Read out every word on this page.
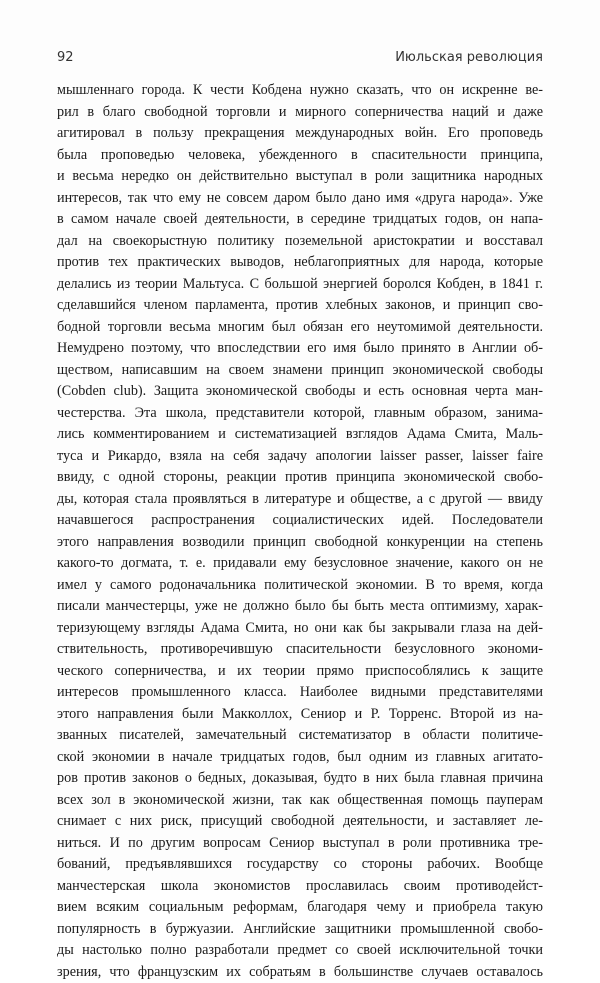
92	Июльская революция
мышленнаго города. К чести Кобдена нужно сказать, что он искренне ве-
рил в благо свободной торговли и мирного соперничества наций и даже
агитировал в пользу прекращения международных войн. Его проповедь
была проповедью человека, убежденного в спасительности принципа,
и весьма нередко он действительно выступал в роли защитника народных
интересов, так что ему не совсем даром было дано имя «друга народа». Уже
в самом начале своей деятельности, в середине тридцатых годов, он напа-
дал на своекорыстную политику поземельной аристократии и восставал
против тех практических выводов, неблагоприятных для народа, которые
делались из теории Мальтуса. С большой энергией боролся Кобден, в 1841 г.
сделавшийся членом парламента, против хлебных законов, и принцип сво-
бодной торговли весьма многим был обязан его неутомимой деятельности.
Немудрено поэтому, что впоследствии его имя было принято в Англии об-
ществом, написавшим на своем знамени принцип экономической свободы
(Cobden club). Защита экономической свободы и есть основная черта ман-
честерства. Эта школа, представители которой, главным образом, занима-
лись комментированием и систематизацией взглядов Адама Смита, Маль-
туса и Рикардо, взяла на себя задачу апологии laisser passer, laisser faire
ввиду, с одной стороны, реакции против принципа экономической свобо-
ды, которая стала проявляться в литературе и обществе, а с другой — ввиду
начавшегося распространения социалистических идей. Последователи
этого направления возводили принцип свободной конкуренции на степень
какого-то догмата, т. е. придавали ему безусловное значение, какого он не
имел у самого родоначальника политической экономии. В то время, когда
писали манчестерцы, уже не должно было бы быть места оптимизму, харак-
теризующему взгляды Адама Смита, но они как бы закрывали глаза на дей-
ствительность, противоречившую спасительности безусловного экономи-
ческого соперничества, и их теории прямо приспособлялись к защите
интересов промышленного класса. Наиболее видными представителями
этого направления были Макколлох, Сениор и Р. Торренс. Второй из на-
званных писателей, замечательный систематизатор в области политиче-
ской экономии в начале тридцатых годов, был одним из главных агитато-
ров против законов о бедных, доказывая, будто в них была главная причина
всех зол в экономической жизни, так как общественная помощь пауперам
снимает с них риск, присущий свободной деятельности, и заставляет ле-
ниться. И по другим вопросам Сениор выступал в роли противника тре-
бований, предъявлявшихся государству со стороны рабочих. Вообще
манчестерская школа экономистов прославилась своим противодейст-
вием всяким социальным реформам, благодаря чему и приобрела такую
популярность в буржуазии. Английские защитники промышленной свобо-
ды настолько полно разработали предмет со своей исключительной точки
зрения, что французским их собратьям в большинстве случаев оставалось
